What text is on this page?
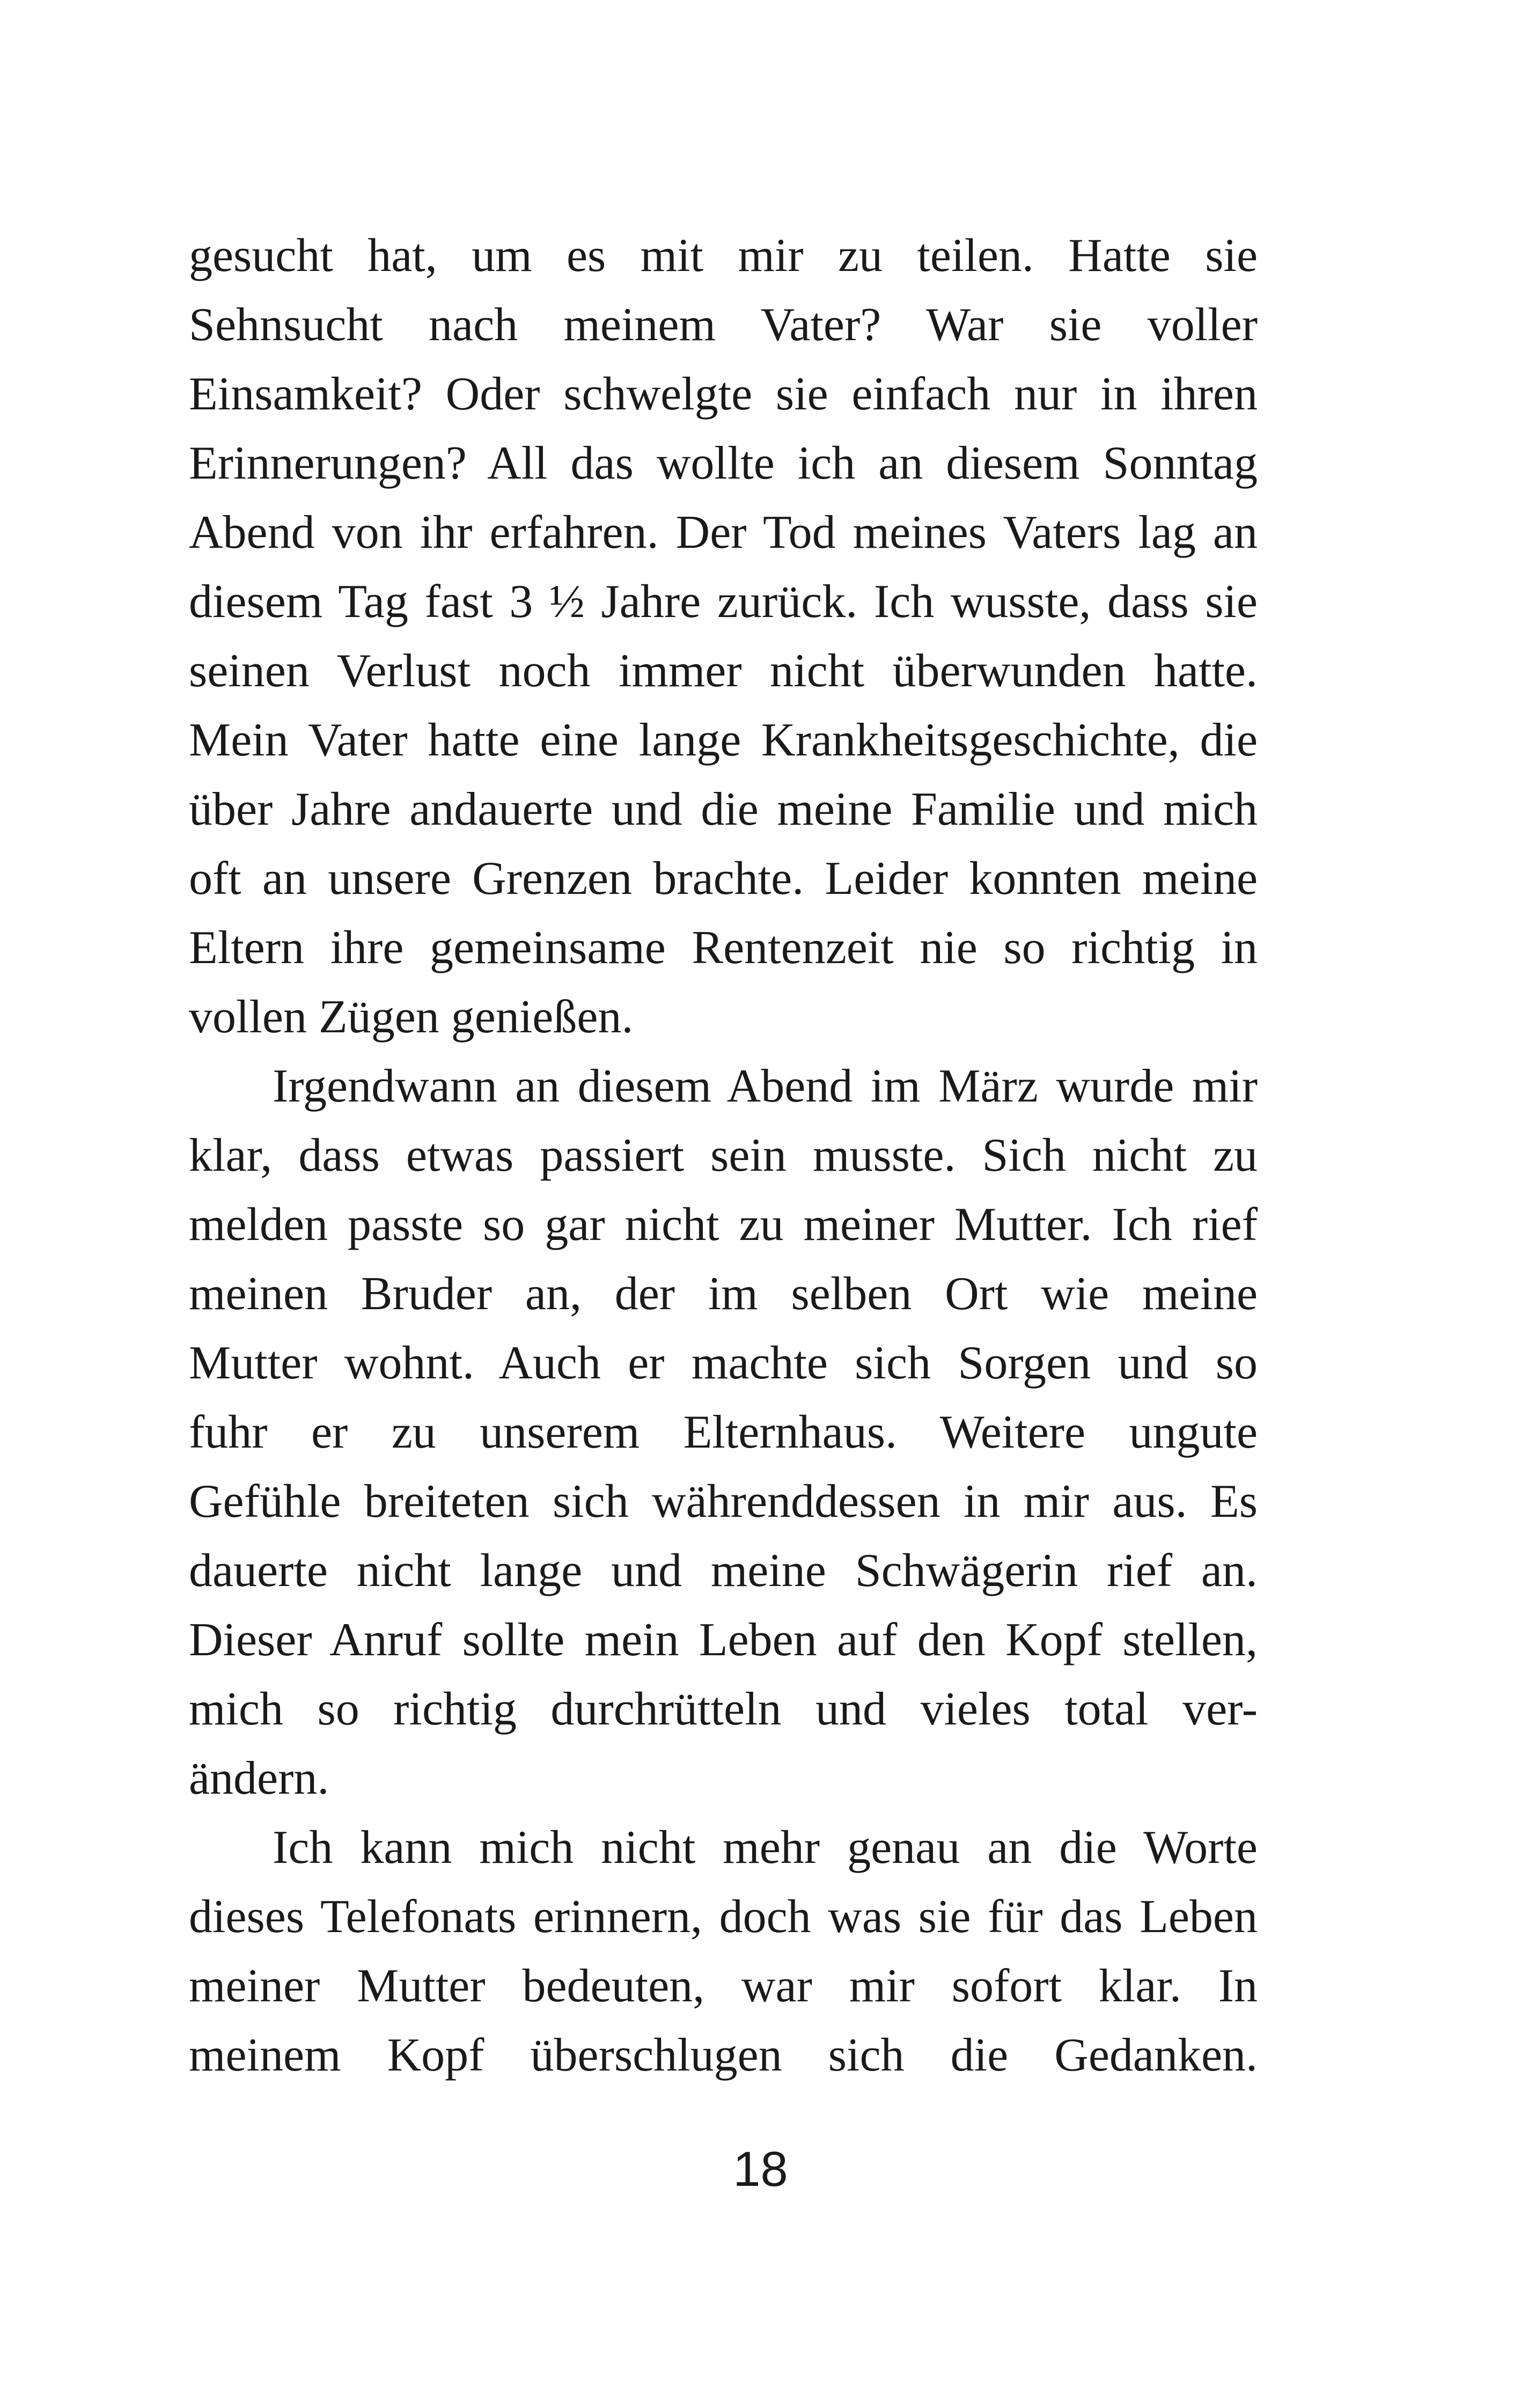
gesucht hat, um es mit mir zu teilen. Hatte sie
Sehnsucht nach meinem Vater? War sie voller
Einsamkeit? Oder schwelgte sie einfach nur in ihren
Erinnerungen? All das wollte ich an diesem Sonntag
Abend von ihr erfahren. Der Tod meines Vaters lag an
diesem Tag fast 3 ½ Jahre zurück. Ich wusste, dass sie
seinen Verlust noch immer nicht überwunden hatte.
Mein Vater hatte eine lange Krankheitsgeschichte, die
über Jahre andauerte und die meine Familie und mich
oft an unsere Grenzen brachte. Leider konnten meine
Eltern ihre gemeinsame Rentenzeit nie so richtig in
vollen Zügen genießen.
Irgendwann an diesem Abend im März wurde mir
klar, dass etwas passiert sein musste. Sich nicht zu
melden passte so gar nicht zu meiner Mutter. Ich rief
meinen Bruder an, der im selben Ort wie meine
Mutter wohnt. Auch er machte sich Sorgen und so
fuhr er zu unserem Elternhaus. Weitere ungute
Gefühle breiteten sich währenddessen in mir aus. Es
dauerte nicht lange und meine Schwägerin rief an.
Dieser Anruf sollte mein Leben auf den Kopf stellen,
mich so richtig durchrütteln und vieles total ver-
ändern.
Ich kann mich nicht mehr genau an die Worte
dieses Telefonats erinnern, doch was sie für das Leben
meiner Mutter bedeuten, war mir sofort klar. In
meinem Kopf überschlugen sich die Gedanken.
18
